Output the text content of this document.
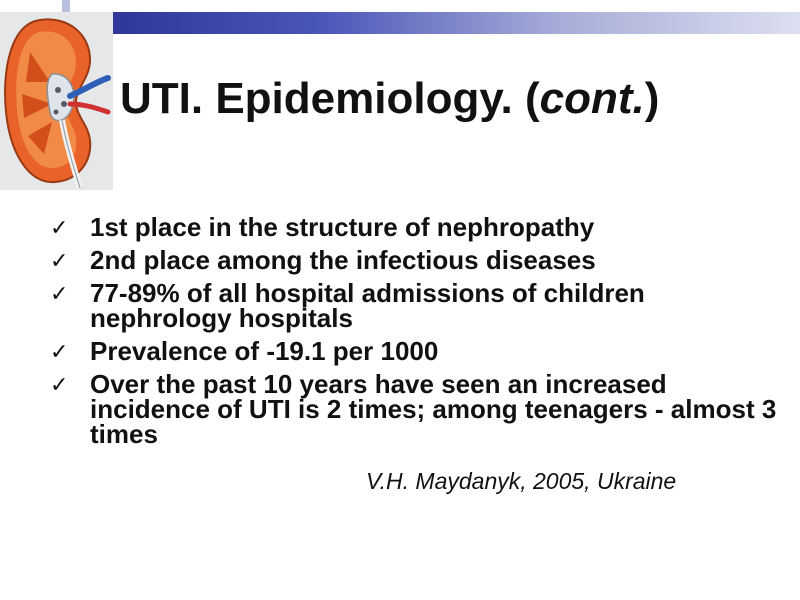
UTI. Epidemiology. (cont.)
✓ 1st place in the structure of nephropathy
✓ 2nd place among the infectious diseases
✓ 77-89% of all hospital admissions of children nephrology hospitals
✓ Prevalence of -19.1 per 1000
✓ Over the past 10 years have seen an increased incidence of UTI is 2 times; among teenagers - almost 3 times
V.H. Maydanyk, 2005, Ukraine
